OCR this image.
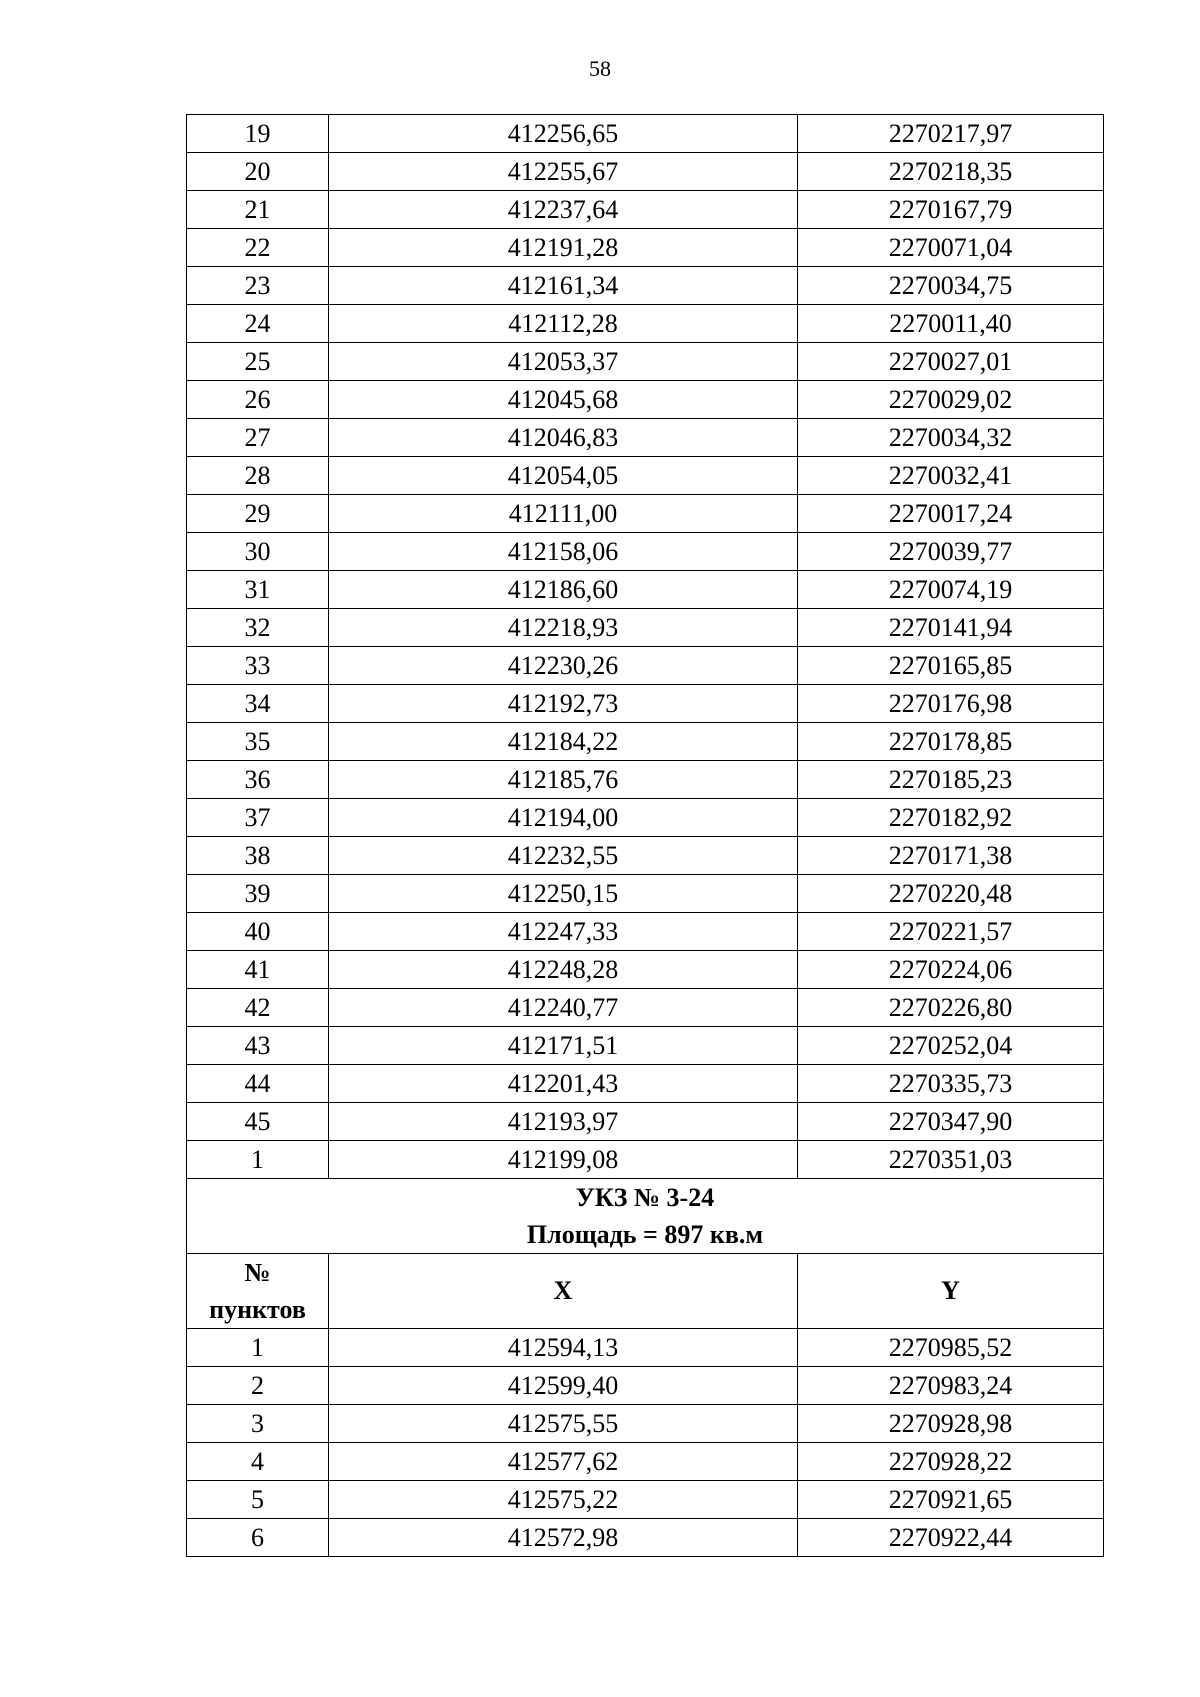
58
19	412256,65	2270217,97
20	412255,67	2270218,35
21	412237,64	2270167,79
22	412191,28	2270071,04
23	412161,34	2270034,75
24	412112,28	2270011,40
25	412053,37	2270027,01
26	412045,68	2270029,02
27	412046,83	2270034,32
28	412054,05	2270032,41
29	412111,00	2270017,24
30	412158,06	2270039,77
31	412186,60	2270074,19
32	412218,93	2270141,94
33	412230,26	2270165,85
34	412192,73	2270176,98
35	412184,22	2270178,85
36	412185,76	2270185,23
37	412194,00	2270182,92
38	412232,55	2270171,38
39	412250,15	2270220,48
40	412247,33	2270221,57
41	412248,28	2270224,06
42	412240,77	2270226,80
43	412171,51	2270252,04
44	412201,43	2270335,73
45	412193,97	2270347,90
1	412199,08	2270351,03

УКЗ № 3-24
Площадь = 897 кв.м		

№
пунктов	X	Y
1	412594,13	2270985,52
2	412599,40	2270983,24
3	412575,55	2270928,98
4	412577,62	2270928,22
5	412575,22	2270921,65
6	412572,98	2270922,44
